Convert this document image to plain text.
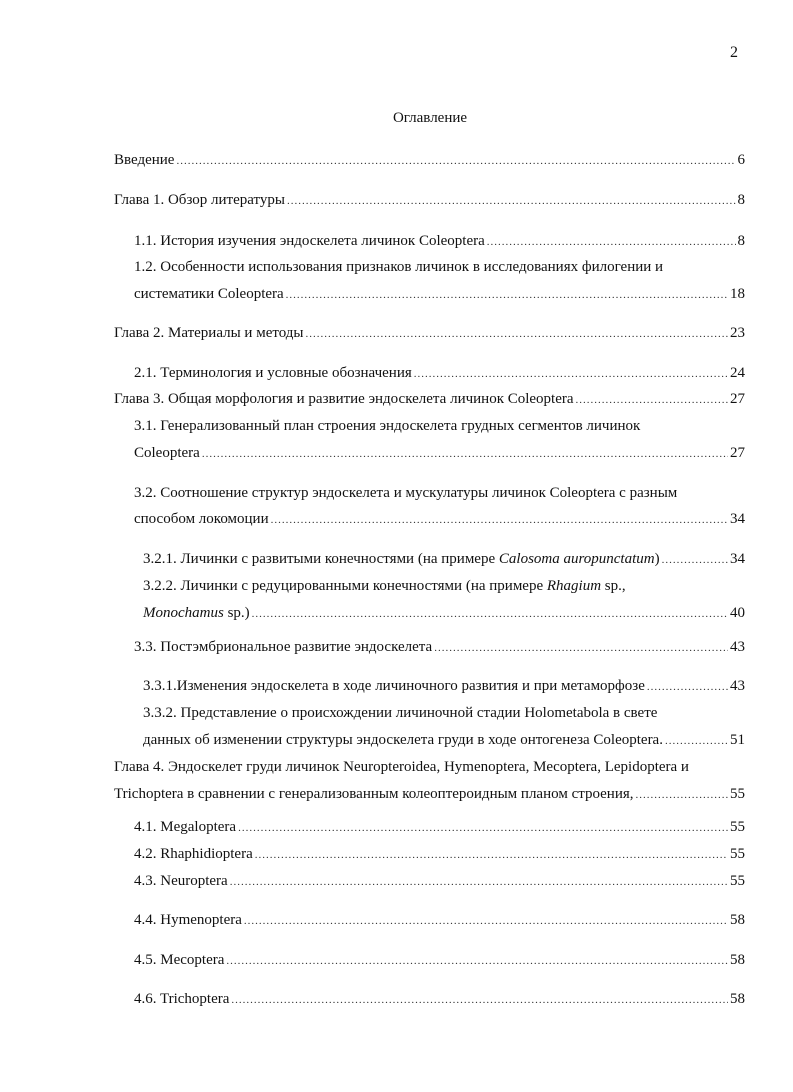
2
Оглавление
Введение .....	6
Глава 1. Обзор литературы .....	8
1.1. История изучения эндоскелета личинок Coleoptera .....	8
1.2. Особенности использования признаков личинок в исследованиях филогении и
систематики Coleoptera .....	18
Глава 2. Материалы и методы .....	23
2.1. Терминология и условные обозначения .....	24
Глава 3. Общая морфология и развитие эндоскелета личинок Coleoptera .....	27
3.1. Генерализованный план строения эндоскелета грудных сегментов личинок
Coleoptera .....	27
3.2. Соотношение структур эндоскелета и мускулатуры личинок Coleoptera с разным
способом локомоции .....	34
3.2.1. Личинки с развитыми конечностями (на примере Calosoma auropunctatum) .....	34
3.2.2. Личинки с редуцированными конечностями (на примере Rhagium sp.,
Monochamus sp.) .....	40
3.3. Постэмбриональное развитие эндоскелета .....	43
3.3.1.Изменения эндоскелета в ходе личиночного развития и при метаморфозе .....	43
3.3.2. Представление о происхождении личиночной стадии Holometabola в свете
данных об изменении структуры эндоскелета груди в ходе онтогенеза Coleoptera. .....	51
Глава 4. Эндоскелет груди личинок Neuropteroidea, Hymenoptera, Mecoptera, Lepidoptera и
Trichoptera в сравнении с генерализованным колеоптероидным планом строения, .....	55
4.1. Megaloptera .....	55
4.2. Rhaphidioptera .....	55
4.3. Neuroptera .....	55
4.4. Hymenoptera .....	58
4.5. Mecoptera .....	58
4.6. Trichoptera .....	58
